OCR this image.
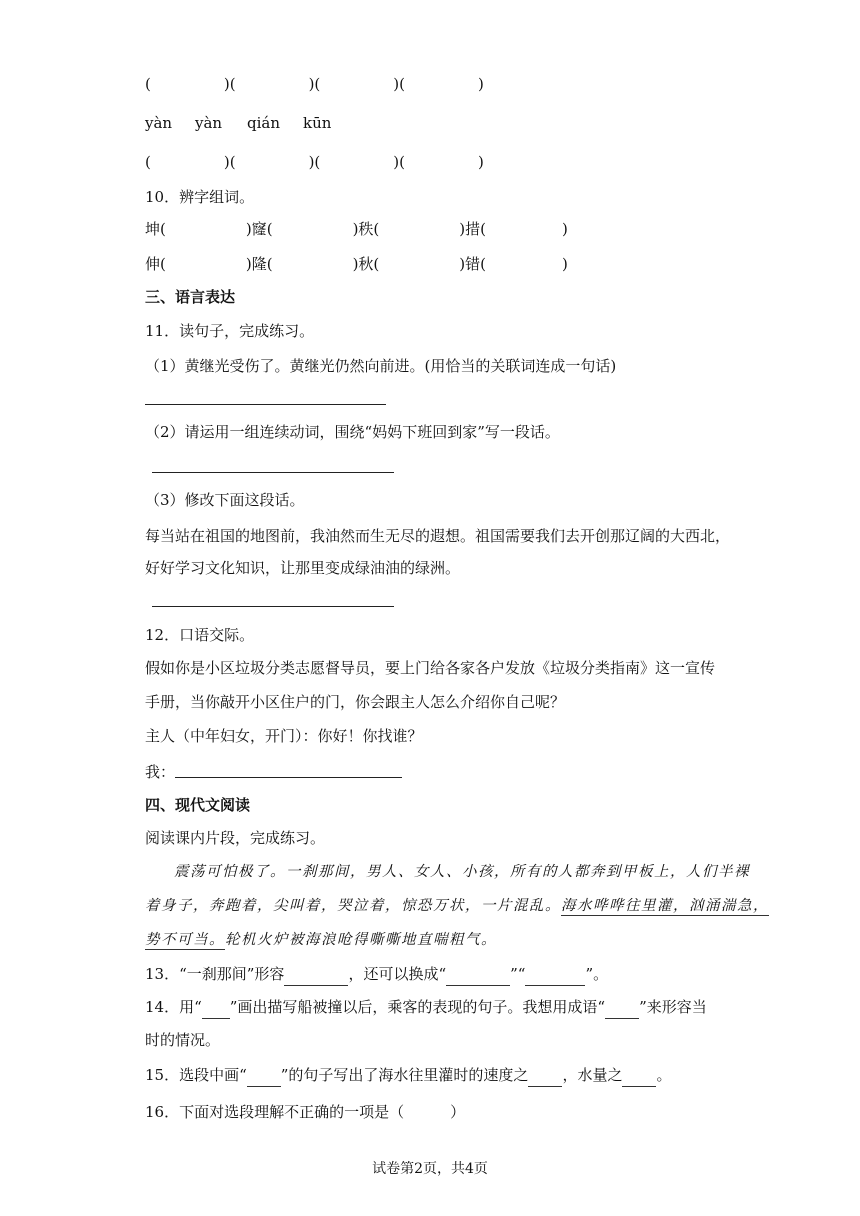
(	)(	)(	)(	)
yàn yàn qián kūn
(	)(	)(	)(	)
10．辨字组词。
坤(	)窿(	)秩(	)措(	)
伸(	)隆(	)秋(	)错(	)
三、语言表达
11．读句子，完成练习。
（1）黄继光受伤了。黄继光仍然向前进。(用恰当的关联词连成一句话)
（2）请运用一组连续动词，围绕“妈妈下班回到家”写一段话。
（3）修改下面这段话。
每当站在祖国的地图前，我油然而生无尽的遐想。祖国需要我们去开创那辽阔的大西北，
好好学习文化知识，让那里变成绿油油的绿洲。
12．口语交际。
假如你是小区垃圾分类志愿督导员，要上门给各家各户发放《垃圾分类指南》这一宣传
手册，当你敲开小区住户的门，你会跟主人怎么介绍你自己呢？
主人（中年妇女，开门）：你好！你找谁？
我：
四、现代文阅读
阅读课内片段，完成练习。
震荡可怕极了。一刹那间，男人、女人、小孩，所有的人都奔到甲板上，人们半裸
着身子，奔跑着，尖叫着，哭泣着，惊恐万状，一片混乱。海水哗哗往里灌，汹涌湍急，
势不可当。轮机火炉被海浪呛得嘶嘶地直喘粗气。
13．“一刹那间”形容	，还可以换成“	”“	”。
14．用“ ”画出描写船被撞以后，乘客的表现的句子。我想用成语“ ”来形容当
时的情况。
15．选段中画“ ”的句子写出了海水往里灌时的速度之 ，水量之 。
16．下面对选段理解不正确的一项是（	）
试卷第2页，共4页
